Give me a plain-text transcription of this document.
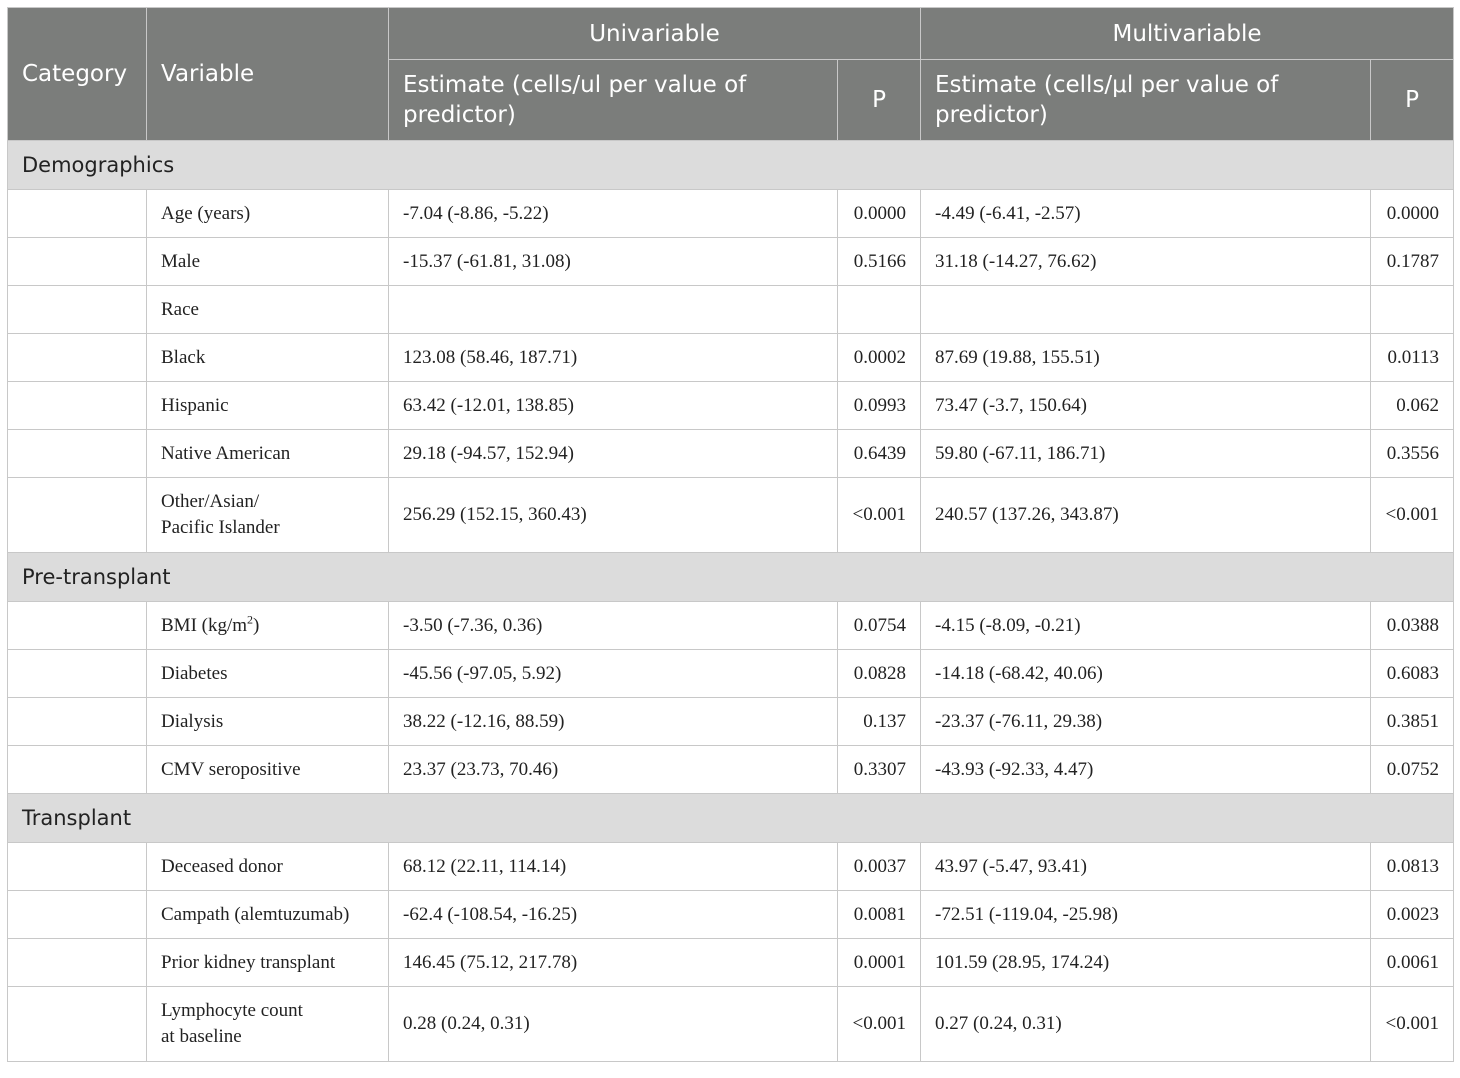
Category	Variable	Univariable		Multivariable	
		Estimate (cells/ul per value of predictor)	P	Estimate (cells/μl per value of predictor)	P
Demographics					
	Age (years)	-7.04 (-8.86, -5.22)	0.0000	-4.49 (-6.41, -2.57)	0.0000
	Male	-15.37 (-61.81, 31.08)	0.5166	31.18 (-14.27, 76.62)	0.1787
	Race				
	Black	123.08 (58.46, 187.71)	0.0002	87.69 (19.88, 155.51)	0.0113
	Hispanic	63.42 (-12.01, 138.85)	0.0993	73.47 (-3.7, 150.64)	0.062
	Native American	29.18 (-94.57, 152.94)	0.6439	59.80 (-67.11, 186.71)	0.3556
	Other/Asian/
Pacific Islander	256.29 (152.15, 360.43)	<0.001	240.57 (137.26, 343.87)	<0.001
Pre-transplant					
	BMI $(kg/m^2)$	-3.50 (-7.36, 0.36)	0.0754	-4.15 (-8.09, -0.21)	0.0388
	Diabetes	-45.56 (-97.05, 5.92)	0.0828	-14.18 (-68.42, 40.06)	0.6083
	Dialysis	38.22 (-12.16, 88.59)	0.137	-23.37 (-76.11, 29.38)	0.3851
	CMV seropositive	23.37 (23.73, 70.46)	0.3307	-43.93 (-92.33, 4.47)	0.0752
Transplant					
	Deceased donor	68.12 (22.11, 114.14)	0.0037	43.97 (-5.47, 93.41)	0.0813
	Campath (alemtuzumab)	-62.4 (-108.54, -16.25)	0.0081	-72.51 (-119.04, -25.98)	0.0023
	Prior kidney transplant	146.45 (75.12, 217.78)	0.0001	101.59 (28.95, 174.24)	0.0061
	Lymphocyte count
at baseline	0.28 (0.24, 0.31)	<0.001	0.27 (0.24, 0.31)	<0.001
